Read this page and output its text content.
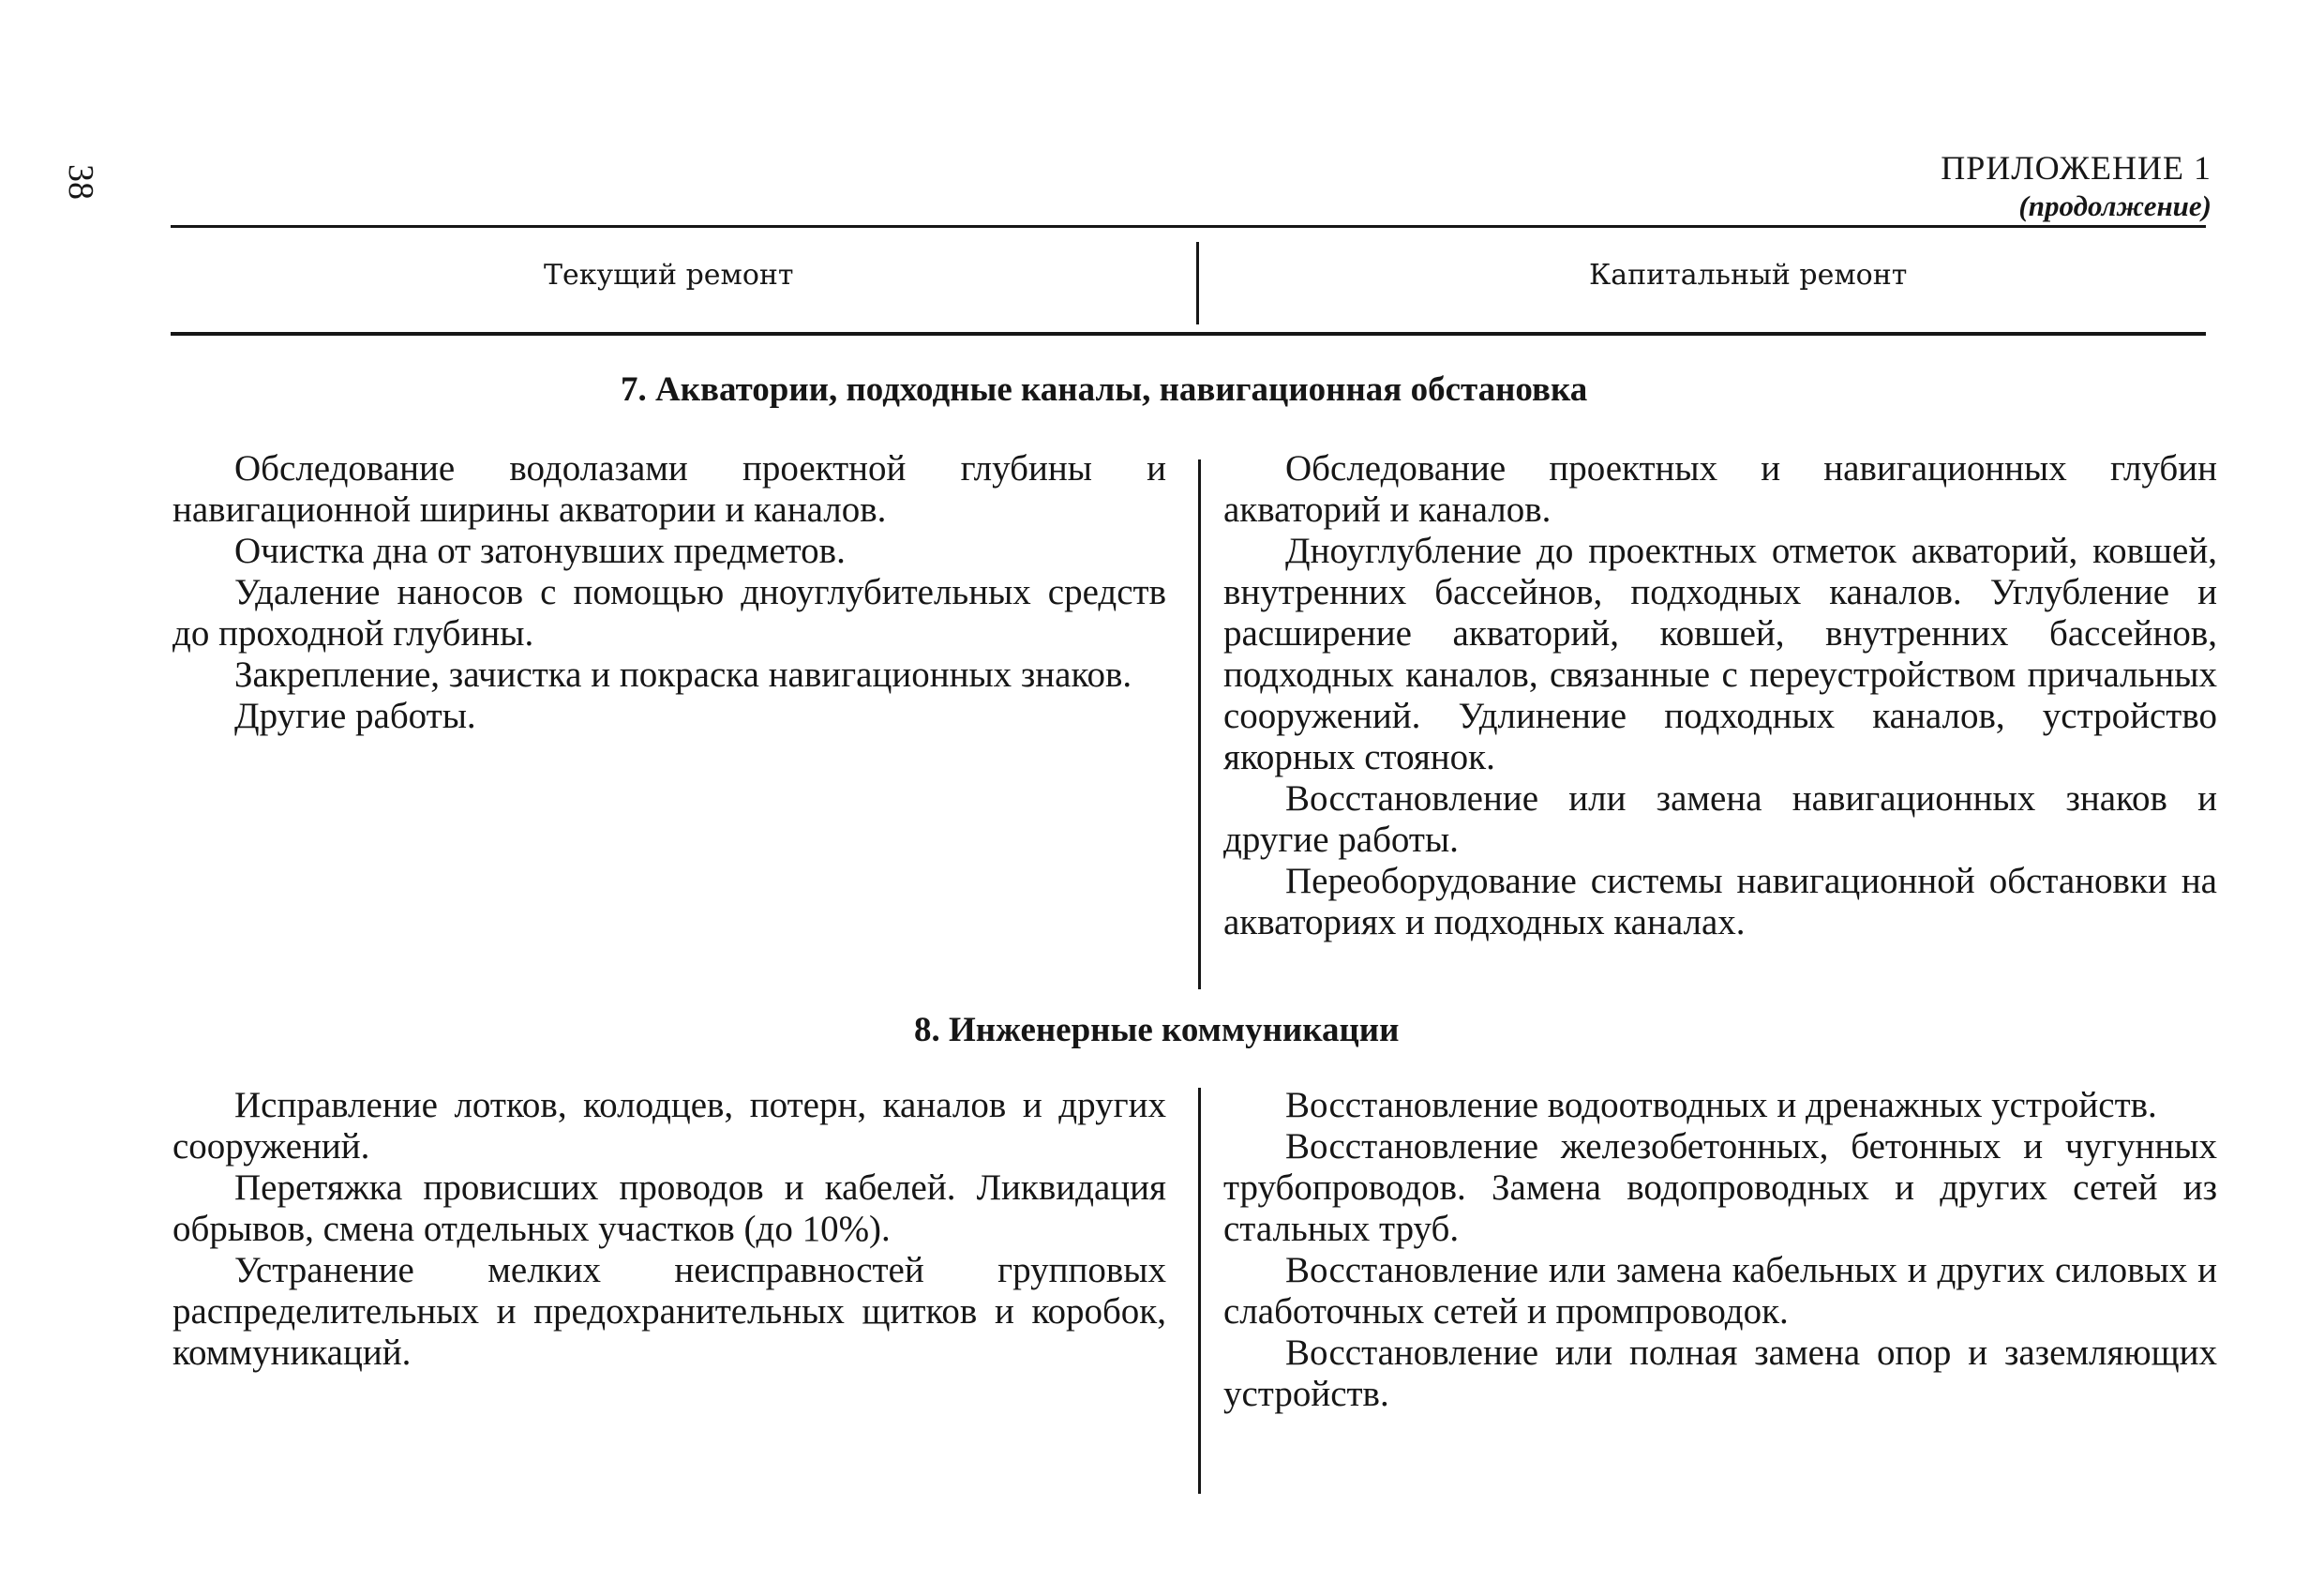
38	ПРИЛОЖЕНИЕ 1
(продолжение)
Текущий ремонт	Капитальный ремонт
7. Акватории, подходные каналы, навигационная обстановка

Обследование водолазами проектной глубины и навигационной ширины акватории и каналов.

Очистка дна от затонувших предметов.

Удаление наносов с помощью дноуглубительных средств до проходной глубины.

Закрепление, зачистка и покраска навигационных знаков.

Другие работы.

Обследование проектных и навигационных глубин акваторий и каналов.

Дноуглубление до проектных отметок акваторий, ковшей, внутренних бассейнов, подходных каналов. Углубление и расширение акваторий, ковшей, внутренних бассейнов, подходных каналов, связанные с переустройством причальных сооружений. Удлинение подходных каналов, устройство якорных стоянок.

Восстановление или замена навигационных знаков и другие работы.

Переоборудование системы навигационной обстановки на акваториях и подходных каналах.

8. Инженерные коммуникации

Исправление лотков, колодцев, потерн, каналов и других сооружений.

Перетяжка провисших проводов и кабелей. Ликвидация обрывов, смена отдельных участков (до 10%).

Устранение мелких неисправностей групповых распределительных и предохранительных щитков и коробок, коммуникаций.

Восстановление водоотводных и дренажных устройств.

Восстановление железобетонных, бетонных и чугунных трубопроводов. Замена водопроводных и других сетей из стальных труб.

Восстановление или замена кабельных и других силовых и слаботочных сетей и промпроводок.

Восстановление или полная замена опор и заземляющих устройств.
